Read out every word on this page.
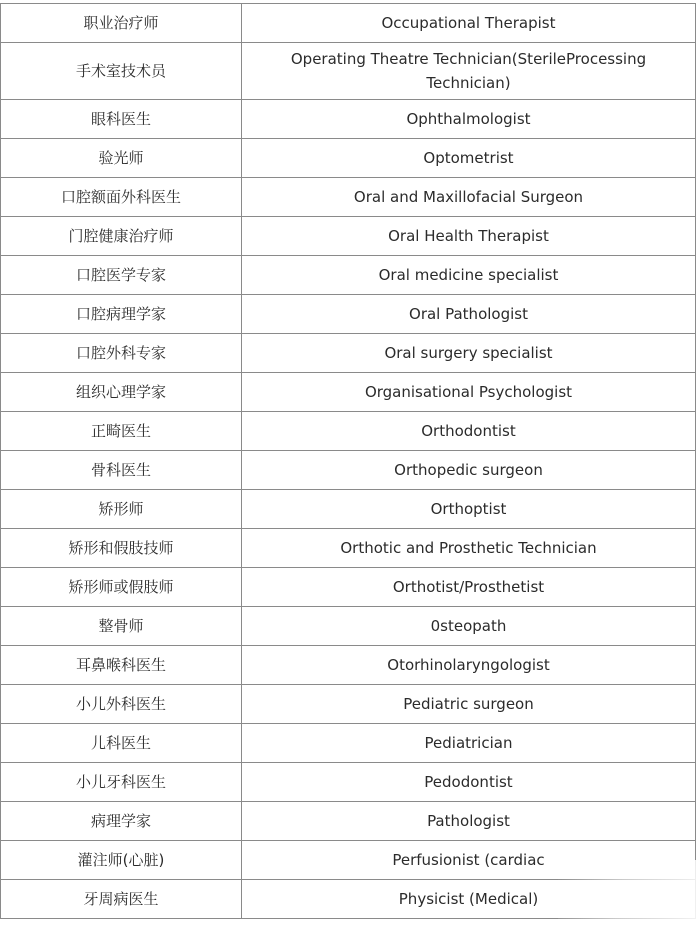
职业治疗师	Occupational Therapist
手术室技术员	Operating Theatre Technician(SterileProcessing Technician)
眼科医生	Ophthalmologist
验光师	Optometrist
口腔额面外科医生	Oral and Maxillofacial Surgeon
门腔健康治疗师	Oral Health Therapist
口腔医学专家	Oral medicine specialist
口腔病理学家	Oral Pathologist
口腔外科专家	Oral surgery specialist
组织心理学家	Organisational Psychologist
正畸医生	Orthodontist
骨科医生	Orthopedic surgeon
矫形师	Orthoptist
矫形和假肢技师	Orthotic and Prosthetic Technician
矫形师或假肢师	Orthotist/Prosthetist
整骨师	0steopath
耳鼻喉科医生	Otorhinolaryngologist
小儿外科医生	Pediatric surgeon
儿科医生	Pediatrician
小儿牙科医生	Pedodontist
病理学家	Pathologist
灌注师(心脏)	Perfusionist (cardiac
牙周病医生	Physicist (Medical)
